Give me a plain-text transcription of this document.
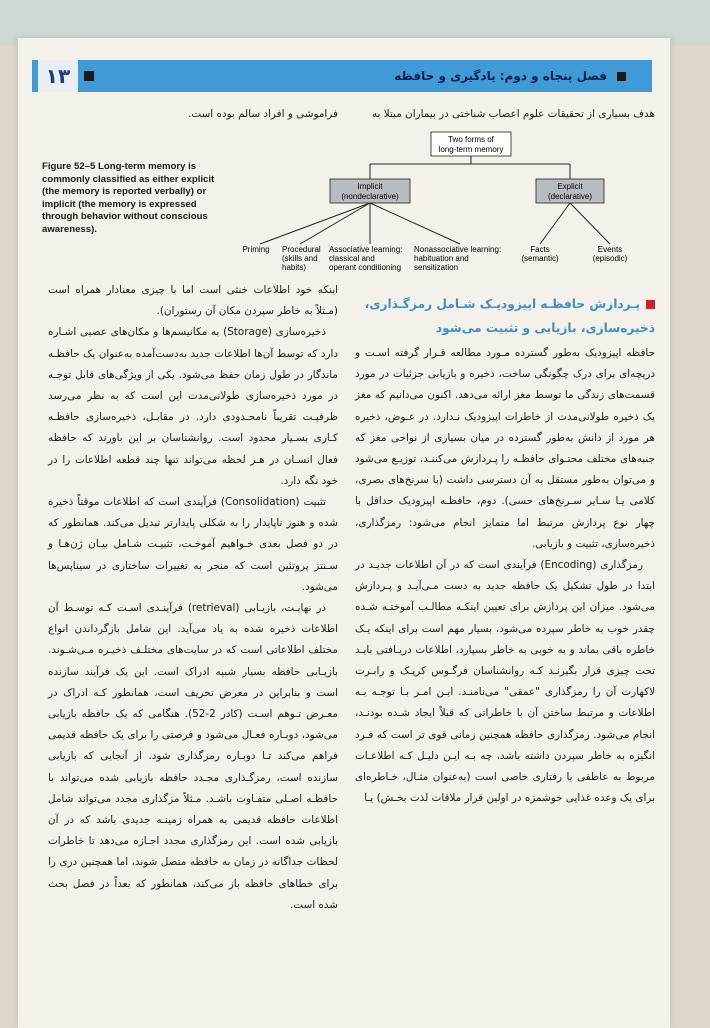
فصل پنجاه و دوم: یادگیری و حافظه
۱۳
هدف بسیاری از تحقیقات علوم اعصاب شناختی در بیماران مبتلا به
فراموشی و افراد سالم بوده است.
Figure 52–5 Long-term memory is commonly classified as either explicit (the memory is reported verbally) or implicit (the memory is expressed through behavior without conscious awareness).
Two forms of
long-term memory
Implicit
(nondeclarative)
Explicit
(declarative)
Priming Procedural
(skills and
habits)
Associative learning:
classical and
operant conditioning
Nonassociative learning:
habituation and
sensitization
Facts
(semantic)
Events
(episodic)
پـردازش حافظـه اپیزودیـک شـامل رمزگـذاری،
ذخیره‌سازی، بازیابی و تثبیت می‌شود

حافظه اپیزودیک به‌طور گسترده مـورد مطالعه قـرار گرفته اسـت و دریچه‌ای برای درک چگونگی ساخت، ذخیره و بازیابی جزئیات در مورد قسمت‌های زندگی ما توسط مغز ارائه می‌دهد. اکنون می‌دانیم که مغز یک ذخیره طولانی‌مدت از خاطرات اپیزودیک نـدارد. در عـوض، ذخیره هر مورد از دانش به‌طور گسترده در میان بسیاری از نواحی مغز که جنبه‌های مختلف محتـوای حافظـه را پـردازش می‌کننـد، توزیـع می‌شود و می‌توان به‌طور مستقل به آن دسترسی داشت (با سرنخ‌های بصری، کلامی یـا سـایر سـرنخ‌های حسی). دوم، حافظـه اپیزودیک حداقل با چهار نوع پردازش مرتبط اما متمایز انجام می‌شود: رمزگذاری، ذخیره‌سازی، تثبیت و بازیابی.

رمزگذاری (Encoding) فرآیندی است که در آن اطلاعات جدیـد در ابتدا در طول تشکیل یک حافظه جدید به دست مـی‌آیـد و پـردازش می‌شود. میزان این پردازش برای تعیین اینکـه مطالـب آموختـه شـده چقدر خوب به خاطر سپرده می‌شود، بسیار مهم است برای اینکه یـک خاطره باقی بماند و به خوبی به خاطر بسپارد، اطلاعات دریـافتی بایـد تحت چیزی قرار بگیرنـد کـه روانشناسان فرگـوس کریـک و رابـرت لاکهارت آن را رمزگذاری "عمقی" می‌نامنـد. ایـن امـر بـا توجـه بـه اطلاعات و مرتبط ساختن آن با خاطراتی که قبلاً ایجاد شـده بودنـد، انجام می‌شود. رمزگذاری حافظه همچنین زمانی قوی تر است که فـرد انگیزه به خاطر سپردن داشته باشد، چه بـه ایـن دلیـل کـه اطلاعـات مربوط به عاطفی یا رفتاری خاصی است (به‌عنوان مثـال، خـاطره‌ای برای یک وعده غذایی خوشمزه در اولین قرار ملاقات لذت بخـش) یـا

اینکه خود اطلاعات خنثی است اما با چیزی معنادار همراه است (مـثلاً به خاطر سپردن مکان آن رستوران).

ذخیره‌سازی (Storage) به مکانیسم‌ها و مکان‌های عصبی اشـاره دارد که توسط آن‌ها اطلاعات جدید به‌دست‌آمده به‌عنوان یک حافظـه ماندگار در طول زمان حفظ می‌شود. یکی از ویژگی‌های قابل توجـه در مورد ذخیره‌سازی طولانی‌مدت این است که به نظر می‌رسد ظرفیـت تقریباً نامحـدودی دارد. در مقابـل، ذخیره‌سازی حافظـه کـاری بسـیار محدود است. روانشناسان بر این باورند که حافظه فعال انسـان در هـر لحظه می‌تواند تنها چند قطعه اطلاعات را در خود نگه دارد.

تثبیت (Consolidation) فرآیندی است که اطلاعات موقتاً ذخیره شده و هنوز ناپایدار را به شکلی پایدارتر تبدیل می‌کند. همانطور که در دو فصل بعدی خـواهیم آموخـت، تثبیـت شـامل بیـان ژن‌هـا و سـنتز پروتئین است که منجر به تغییرات ساختاری در سیناپس‌ها می‌شود.

در نهایـت، بازیـابی (retrieval) فرآینـدی اسـت کـه توسـط آن اطلاعات ذخیره شده به یاد می‌آید. این شامل بازگرداندن انواع مختلف اطلاعاتی است که در سایت‌های مختلـف ذخیـره مـی‌شـوند. بازیـابی حافظه بسیار شبیه ادراک است. این یک فرآیند سازنده است و بنابراین در معرض تحریف است، همانطور کـه ادراک در معـرض تـوهم اسـت (کادر 2-52). هنگامی که یک حافظه بازیابی می‌شود، دوبـاره فعـال می‌شود و فرصتی را برای یک حافظه قدیمی فراهم می‌کند تـا دوبـاره رمزگذاری شود. از آنجایی که بازیابی سازنده است، رمزگـذاری مجـدد حافظه بازیابی شده می‌تواند با حافظـه اصـلی متفـاوت باشـد. مـثلاً مزگذاری مجدد می‌تواند شامل اطلاعات حافظه قدیمی به همراه زمینـه جدیدی باشد که در آن بازیابی شده است. این رمزگذاری مجدد اجـازه می‌دهد تا خاطرات لحظات جداگانه در زمان به حافظه متصل شوند، اما همچنین دری را برای خطاهای حافظه باز می‌کند، همانطور که بعداً در فصل بحث شده است.
